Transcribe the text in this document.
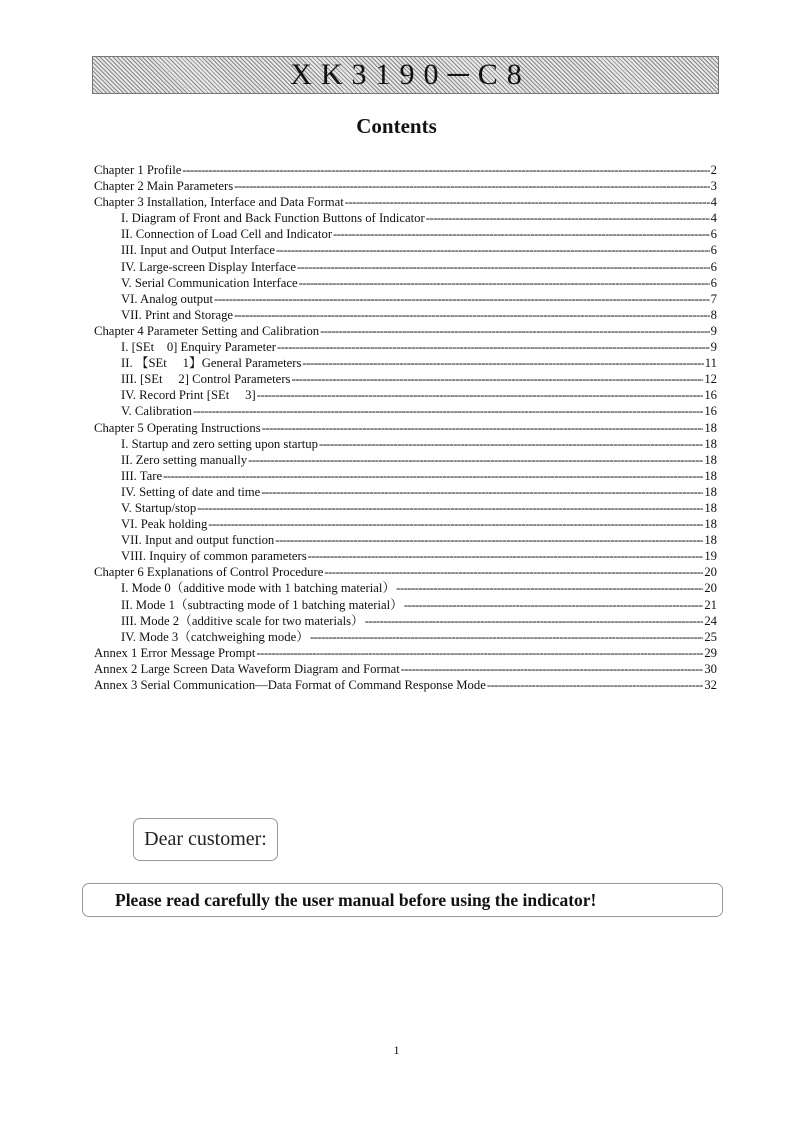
XK3190─C8
Contents
Chapter 1 Profile -----	2
Chapter 2 Main Parameters -----	3
Chapter 3 Installation, Interface and Data Format -----	4
I. Diagram of Front and Back Function Buttons of Indicator -----	4
II. Connection of Load Cell and Indicator -----	6
III. Input and Output Interface -----	6
IV. Large-screen Display Interface -----	6
V. Serial Communication Interface -----	6
VI. Analog output -----	7
VII. Print and Storage -----	8
Chapter 4 Parameter Setting and Calibration -----	9
I. [SEt    0] Enquiry Parameter -----	9
II. 【SEt     1】General Parameters -----	11
III. [SEt     2] Control Parameters -----	12
IV. Record Print [SEt     3] -----	16
V. Calibration -----	16
Chapter 5 Operating Instructions -----	18
I. Startup and zero setting upon startup -----	18
II. Zero setting manually -----	18
III. Tare -----	18
IV. Setting of date and time -----	18
V. Startup/stop -----	18
VI. Peak holding -----	18
VII. Input and output function -----	18
VIII. Inquiry of common parameters -----	19
Chapter 6 Explanations of Control Procedure -----	20
I. Mode 0（additive mode with 1 batching material） -----	20
II. Mode 1（subtracting mode of 1 batching material） -----	21
III. Mode 2（additive scale for two materials） -----	24
IV. Mode 3（catchweighing mode） -----	25
Annex 1 Error Message Prompt -----	29
Annex 2 Large Screen Data Waveform Diagram and Format -----	30
Annex 3 Serial Communication—Data Format of Command Response Mode -----	32
Dear customer:
Please read carefully the user manual before using the indicator!
1
